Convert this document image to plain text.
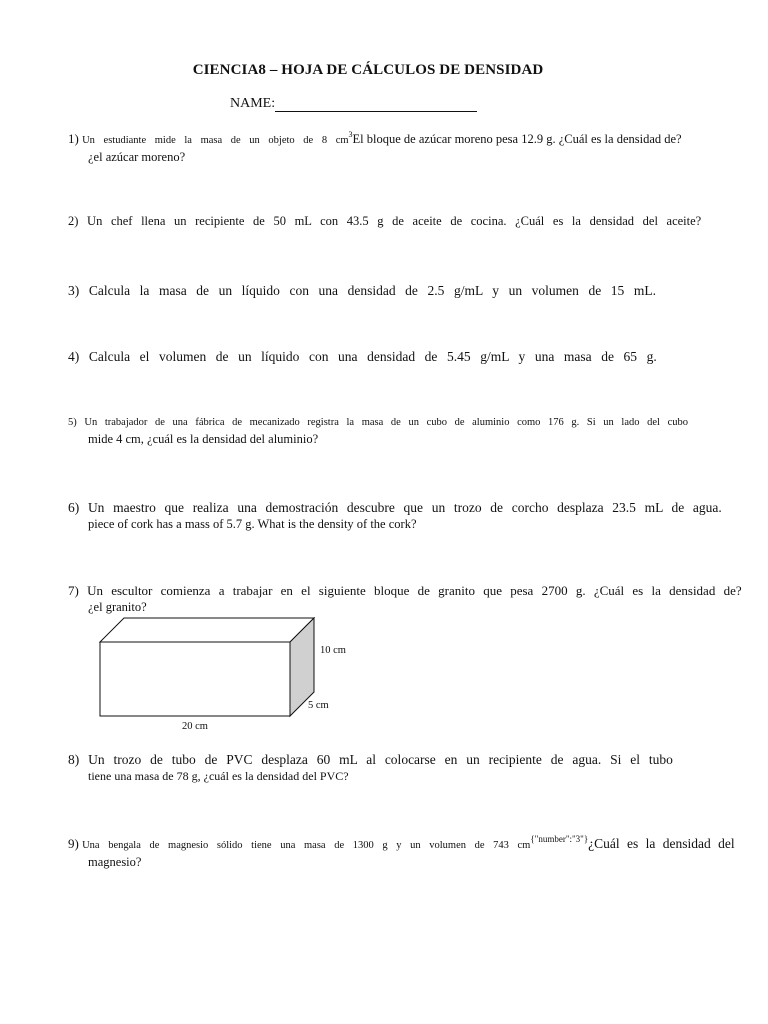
CIENCIA8 – HOJA DE CÁLCULOS DE DENSIDAD
NAME:
1) Un estudiante mide la masa de un objeto de 8 $cm^3El$ bloque de azúcar moreno pesa 12.9 g. ¿Cuál es la densidad de?
¿el azúcar moreno?
2) Un chef llena un recipiente de 50 mL con 43.5 g de aceite de cocina. ¿Cuál es la densidad del aceite?
3) Calcula la masa de un líquido con una densidad de 2.5 g/mL y un volumen de 15 mL.
4) Calcula el volumen de un líquido con una densidad de 5.45 g/mL y una masa de 65 g.
5) Un trabajador de una fábrica de mecanizado registra la masa de un cubo de aluminio como 176 g. Si un lado del cubo
mide 4 cm, ¿cuál es la densidad del aluminio?
6) Un maestro que realiza una demostración descubre que un trozo de corcho desplaza 23.5 mL de agua.
piece of cork has a mass of 5.7 g. What is the density of the cork?
7) Un escultor comienza a trabajar en el siguiente bloque de granito que pesa 2700 g. ¿Cuál es la densidad de?
¿el granito?
10 cm
5 cm
20 cm
8) Un trozo de tubo de PVC desplaza 60 mL al colocarse en un recipiente de agua. Si el tubo
tiene una masa de 78 g, ¿cuál es la densidad del PVC?
9) Una bengala de magnesio sólido tiene una masa de 1300 g y un volumen de 743 $cm^{\{"number":"3"\}}¿Cuál$ es la densidad del
magnesio?
